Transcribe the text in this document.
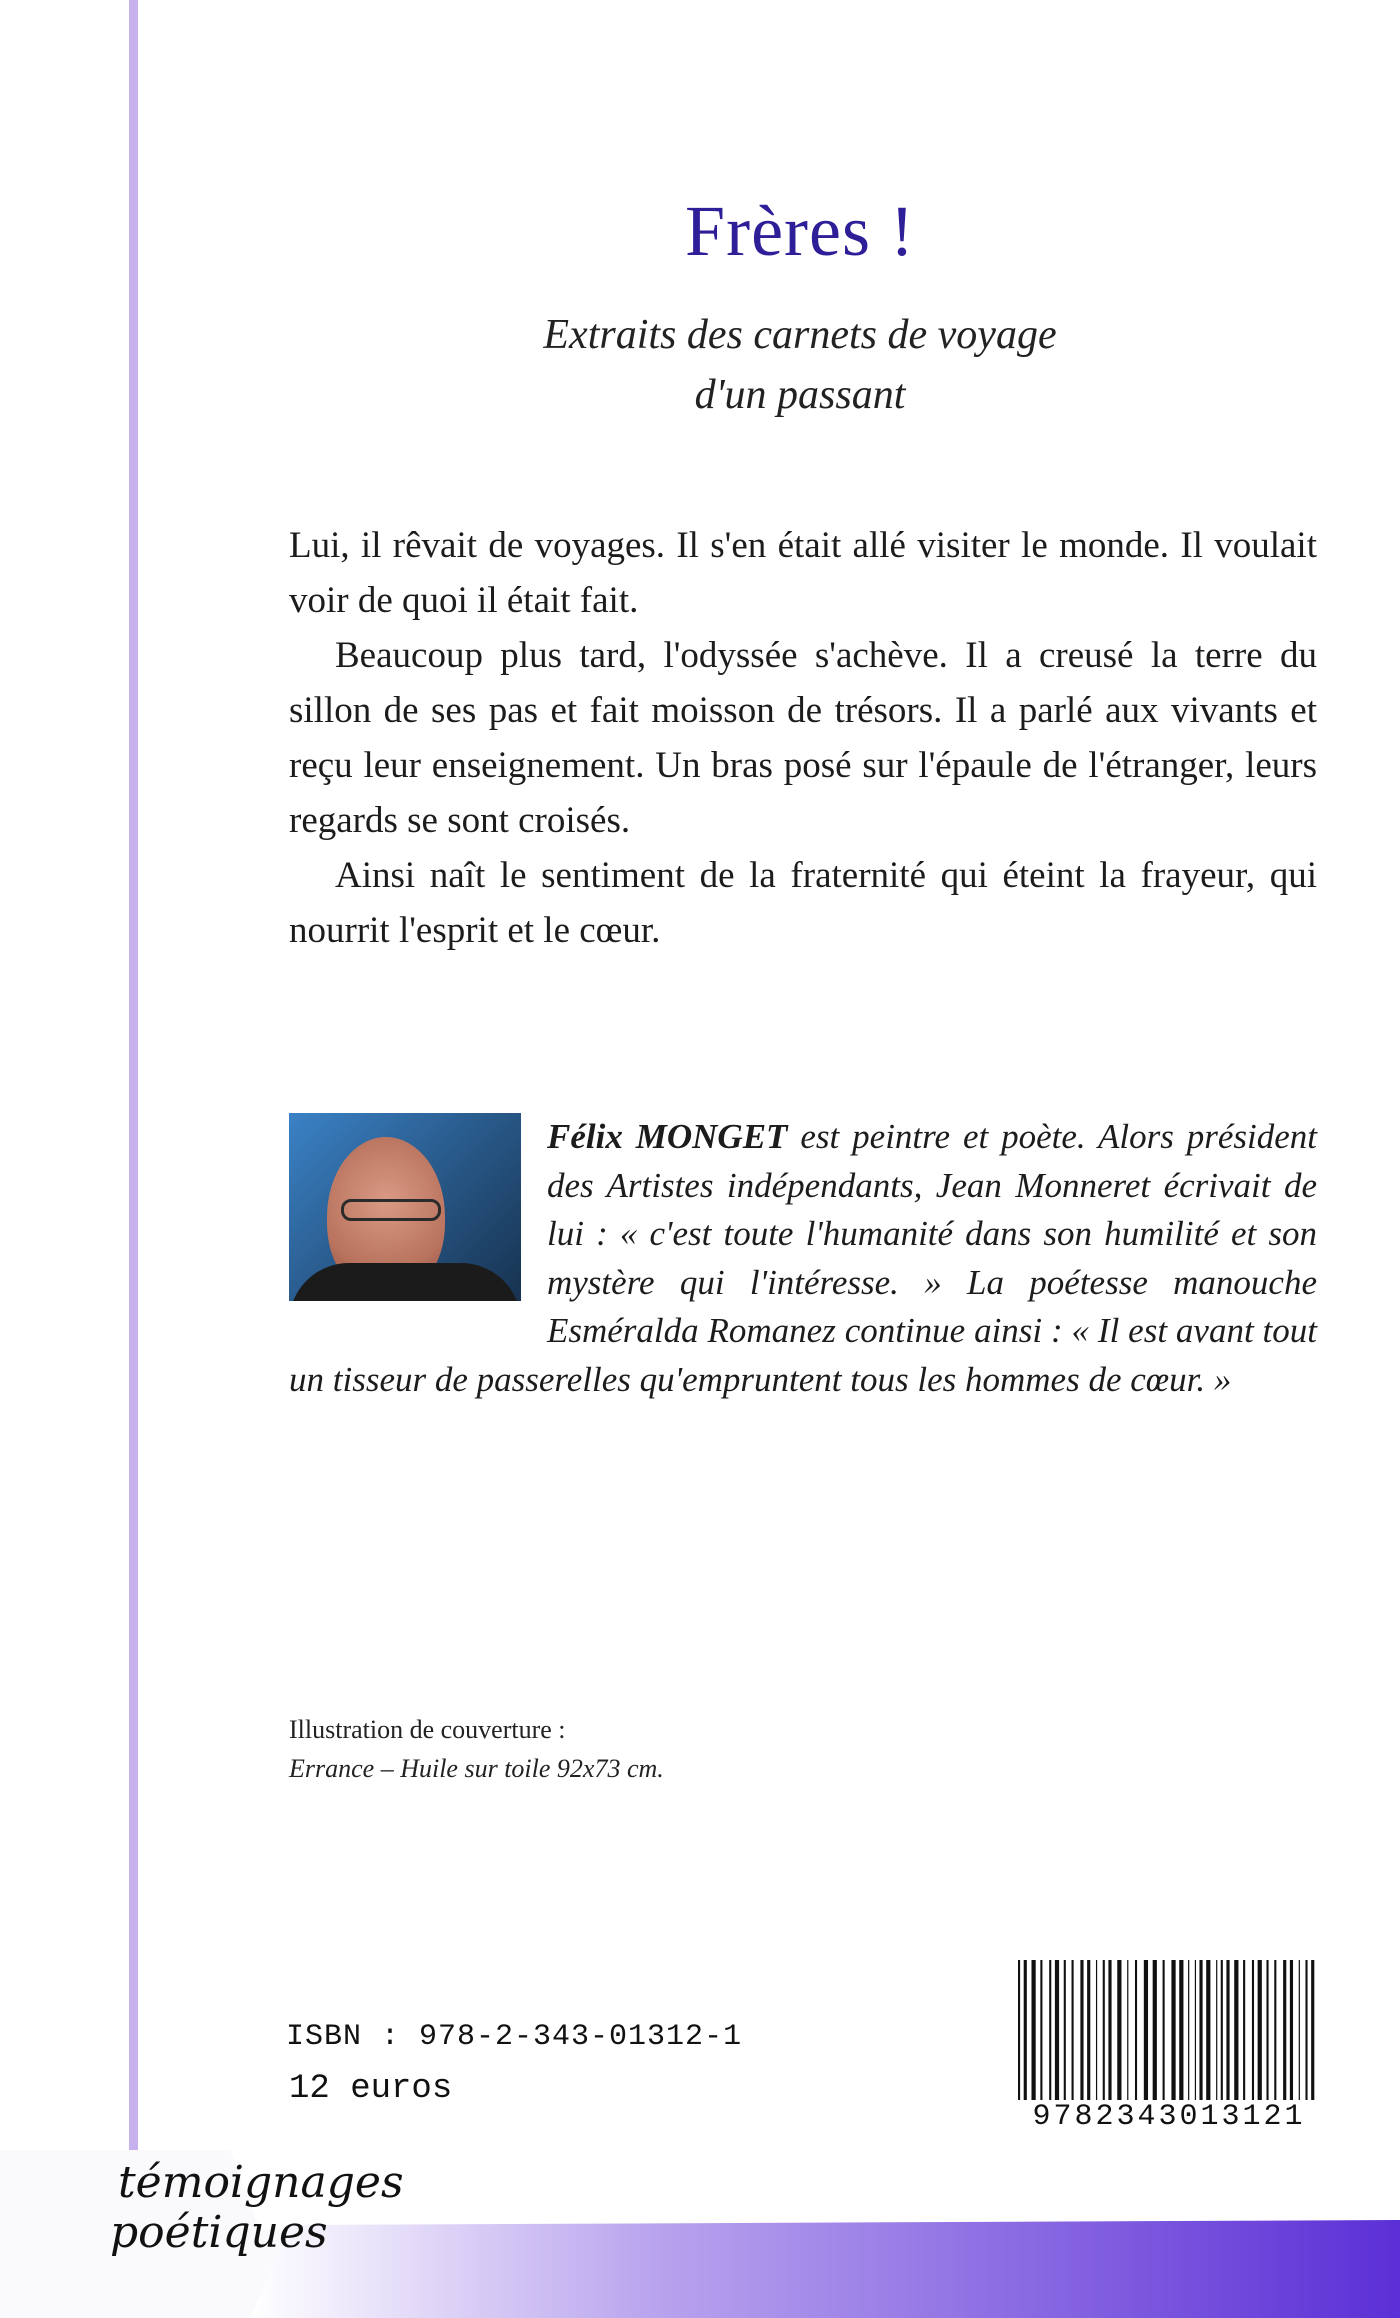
Frères !
Extraits des carnets de voyage
d'un passant

Lui, il rêvait de voyages. Il s'en était allé visiter le monde. Il voulait voir de quoi il était fait.

Beaucoup plus tard, l'odyssée s'achève. Il a creusé la terre du sillon de ses pas et fait moisson de trésors. Il a parlé aux vivants et reçu leur enseignement. Un bras posé sur l'épaule de l'étranger, leurs regards se sont croisés.

Ainsi naît le sentiment de la fraternité qui éteint la frayeur, qui nourrit l'esprit et le cœur.

Félix MONGET est peintre et poète. Alors président des Artistes indépendants, Jean Monneret écrivait de lui : « c'est toute l'humanité dans son humilité et son mystère qui l'intéresse. » La poétesse manouche Esméralda Romanez continue ainsi : « Il est avant tout un tisseur de passerelles qu'empruntent tous les hommes de cœur. »
Illustration de couverture :
Errance – Huile sur toile 92x73 cm.
ISBN : 978-2-343-01312-1
12 euros
9782343013121
témoignages
poétiques
